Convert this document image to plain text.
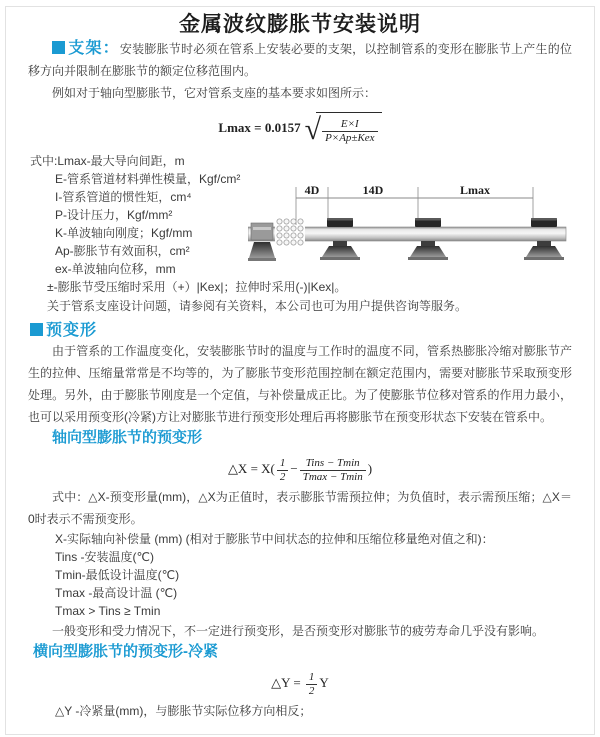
金属波纹膨胀节安装说明

支架：安装膨胀节时必须在管系上安装必要的支架，以控制管系的变形在膨胀节上产生的位移方向并限制在膨胀节的额定位移范围内。

例如对于轴向型膨胀节，它对管系支座的基本要求如图所示：

Lmax = 0.0157 √ $\frac{E\times I}{\text{P×Ap±Kex}}$
式中:Lmax-最大导向间距，m
E-管系管道材料弹性模量，Kgf/cm²
I-管系管道的惯性矩，cm⁴
P-设计压力，Kgf/mm²
K-单波轴向刚度；Kgf/mm
Ap-膨胀节有效面积，cm²
ex-单波轴向位移，mm
±-膨胀节受压缩时采用（+）|Kex|；拉伸时采用(-)|Kex|。
4D	14D	Lmax
关于管系支座设计问题，请参阅有关资料，本公司也可为用户提供咨询等服务。
预变形

由于管系的工作温度变化，安装膨胀节时的温度与工作时的温度不同，管系热膨胀冷缩对膨胀节产生的拉伸、压缩量常常是不均等的，为了膨胀节变形范围控制在额定范围内，需要对膨胀节采取预变形处理。另外，由于膨胀节刚度是一个定值，与补偿量成正比。为了使膨胀节位移对管系的作用力最小，也可以采用预变形(冷紧)方让对膨胀节进行预变形处理后再将膨胀节在预变形状态下安装在管系中。

轴向型膨胀节的预变形
△X = $X( \frac{1}{2} - \frac{\text{Tins − Tmin}}{Tmax - Tmin}$ )

式中：△X-预变形量(mm)，△X为正值时，表示膨胀节需预拉伸；为负值时，表示需预压缩；△X＝0时表示不需预变形。

X-实际轴向补偿量 (mm) (相对于膨胀节中间状态的拉伸和压缩位移量绝对值之和)：
Tins -安装温度(℃)
Tmin-最低设计温度(℃)
Tmax -最高设计温 (℃)
Tmax > Tins ≥ Tmin

一般变形和受力情况下，不一定进行预变形，是否预变形对膨胀节的疲劳寿命几乎没有影响。

横向型膨胀节的预变形-冷紧
△Y = $\frac{1}{2}$ Y
△Y -冷紧量(mm)，与膨胀节实际位移方向相反；
